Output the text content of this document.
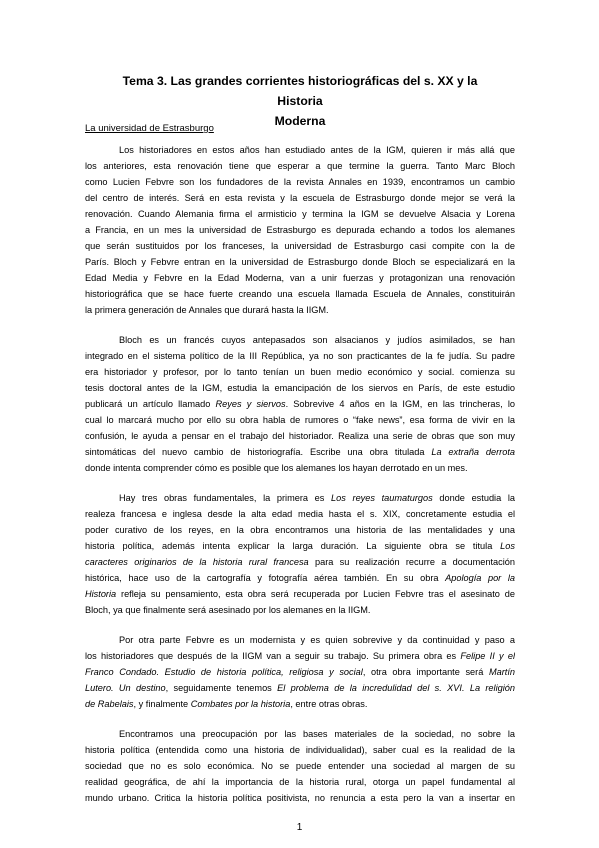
Tema 3. Las grandes corrientes historiográficas del s. XX y la Historia
Moderna
La universidad de Estrasburgo
Los historiadores en estos años han estudiado antes de la IGM, quieren ir más allá que
los anteriores, esta renovación tiene que esperar a que termine la guerra. Tanto Marc Bloch
como Lucien Febvre son los fundadores de la revista Annales en 1939, encontramos un cambio
del centro de interés. Será en esta revista y la escuela de Estrasburgo donde mejor se verá la
renovación. Cuando Alemania firma el armisticio y termina la IGM se devuelve Alsacia y Lorena
a Francia, en un mes la universidad de Estrasburgo es depurada echando a todos los alemanes
que serán sustituidos por los franceses, la universidad de Estrasburgo casi compite con la de
París. Bloch y Febvre entran en la universidad de Estrasburgo donde Bloch se especializará en la
Edad Media y Febvre en la Edad Moderna, van a unir fuerzas y protagonizan una renovación
historiográfica que se hace fuerte creando una escuela llamada Escuela de Annales, constituirán
la primera generación de Annales que durará hasta la IIGM.
Bloch es un francés cuyos antepasados son alsacianos y judíos asimilados, se han
integrado en el sistema político de la III República, ya no son practicantes de la fe judía. Su padre
era historiador y profesor, por lo tanto tenían un buen medio económico y social. comienza su
tesis doctoral antes de la IGM, estudia la emancipación de los siervos en París, de este estudio
publicará un artículo llamado Reyes y siervos. Sobrevive 4 años en la IGM, en las trincheras, lo
cual lo marcará mucho por ello su obra habla de rumores o “fake news”, esa forma de vivir en la
confusión, le ayuda a pensar en el trabajo del historiador. Realiza una serie de obras que son muy
sintomáticas del nuevo cambio de historiografía. Escribe una obra titulada La extraña derrota
donde intenta comprender cómo es posible que los alemanes los hayan derrotado en un mes.
Hay tres obras fundamentales, la primera es Los reyes taumaturgos donde estudia la
realeza francesa e inglesa desde la alta edad media hasta el s. XIX, concretamente estudia el
poder curativo de los reyes, en la obra encontramos una historia de las mentalidades y una
historia política, además intenta explicar la larga duración. La siguiente obra se titula Los
caracteres originarios de la historia rural francesa para su realización recurre a documentación
histórica, hace uso de la cartografía y fotografía aérea también. En su obra Apología por la
Historia refleja su pensamiento, esta obra será recuperada por Lucien Febvre tras el asesinato de
Bloch, ya que finalmente será asesinado por los alemanes en la IIGM.
Por otra parte Febvre es un modernista y es quien sobrevive y da continuidad y paso a
los historiadores que después de la IIGM van a seguir su trabajo. Su primera obra es Felipe II y el
Franco Condado. Estudio de historia política, religiosa y social, otra obra importante será Martín
Lutero. Un destino, seguidamente tenemos El problema de la incredulidad del s. XVI. La religión
de Rabelais, y finalmente Combates por la historia, entre otras obras.
Encontramos una preocupación por las bases materiales de la sociedad, no sobre la
historia política (entendida como una historia de individualidad), saber cual es la realidad de la
sociedad que no es solo económica. No se puede entender una sociedad al margen de su
realidad geográfica, de ahí la importancia de la historia rural, otorga un papel fundamental al
mundo urbano. Critica la historia política positivista, no renuncia a esta pero la van a insertar en
1
